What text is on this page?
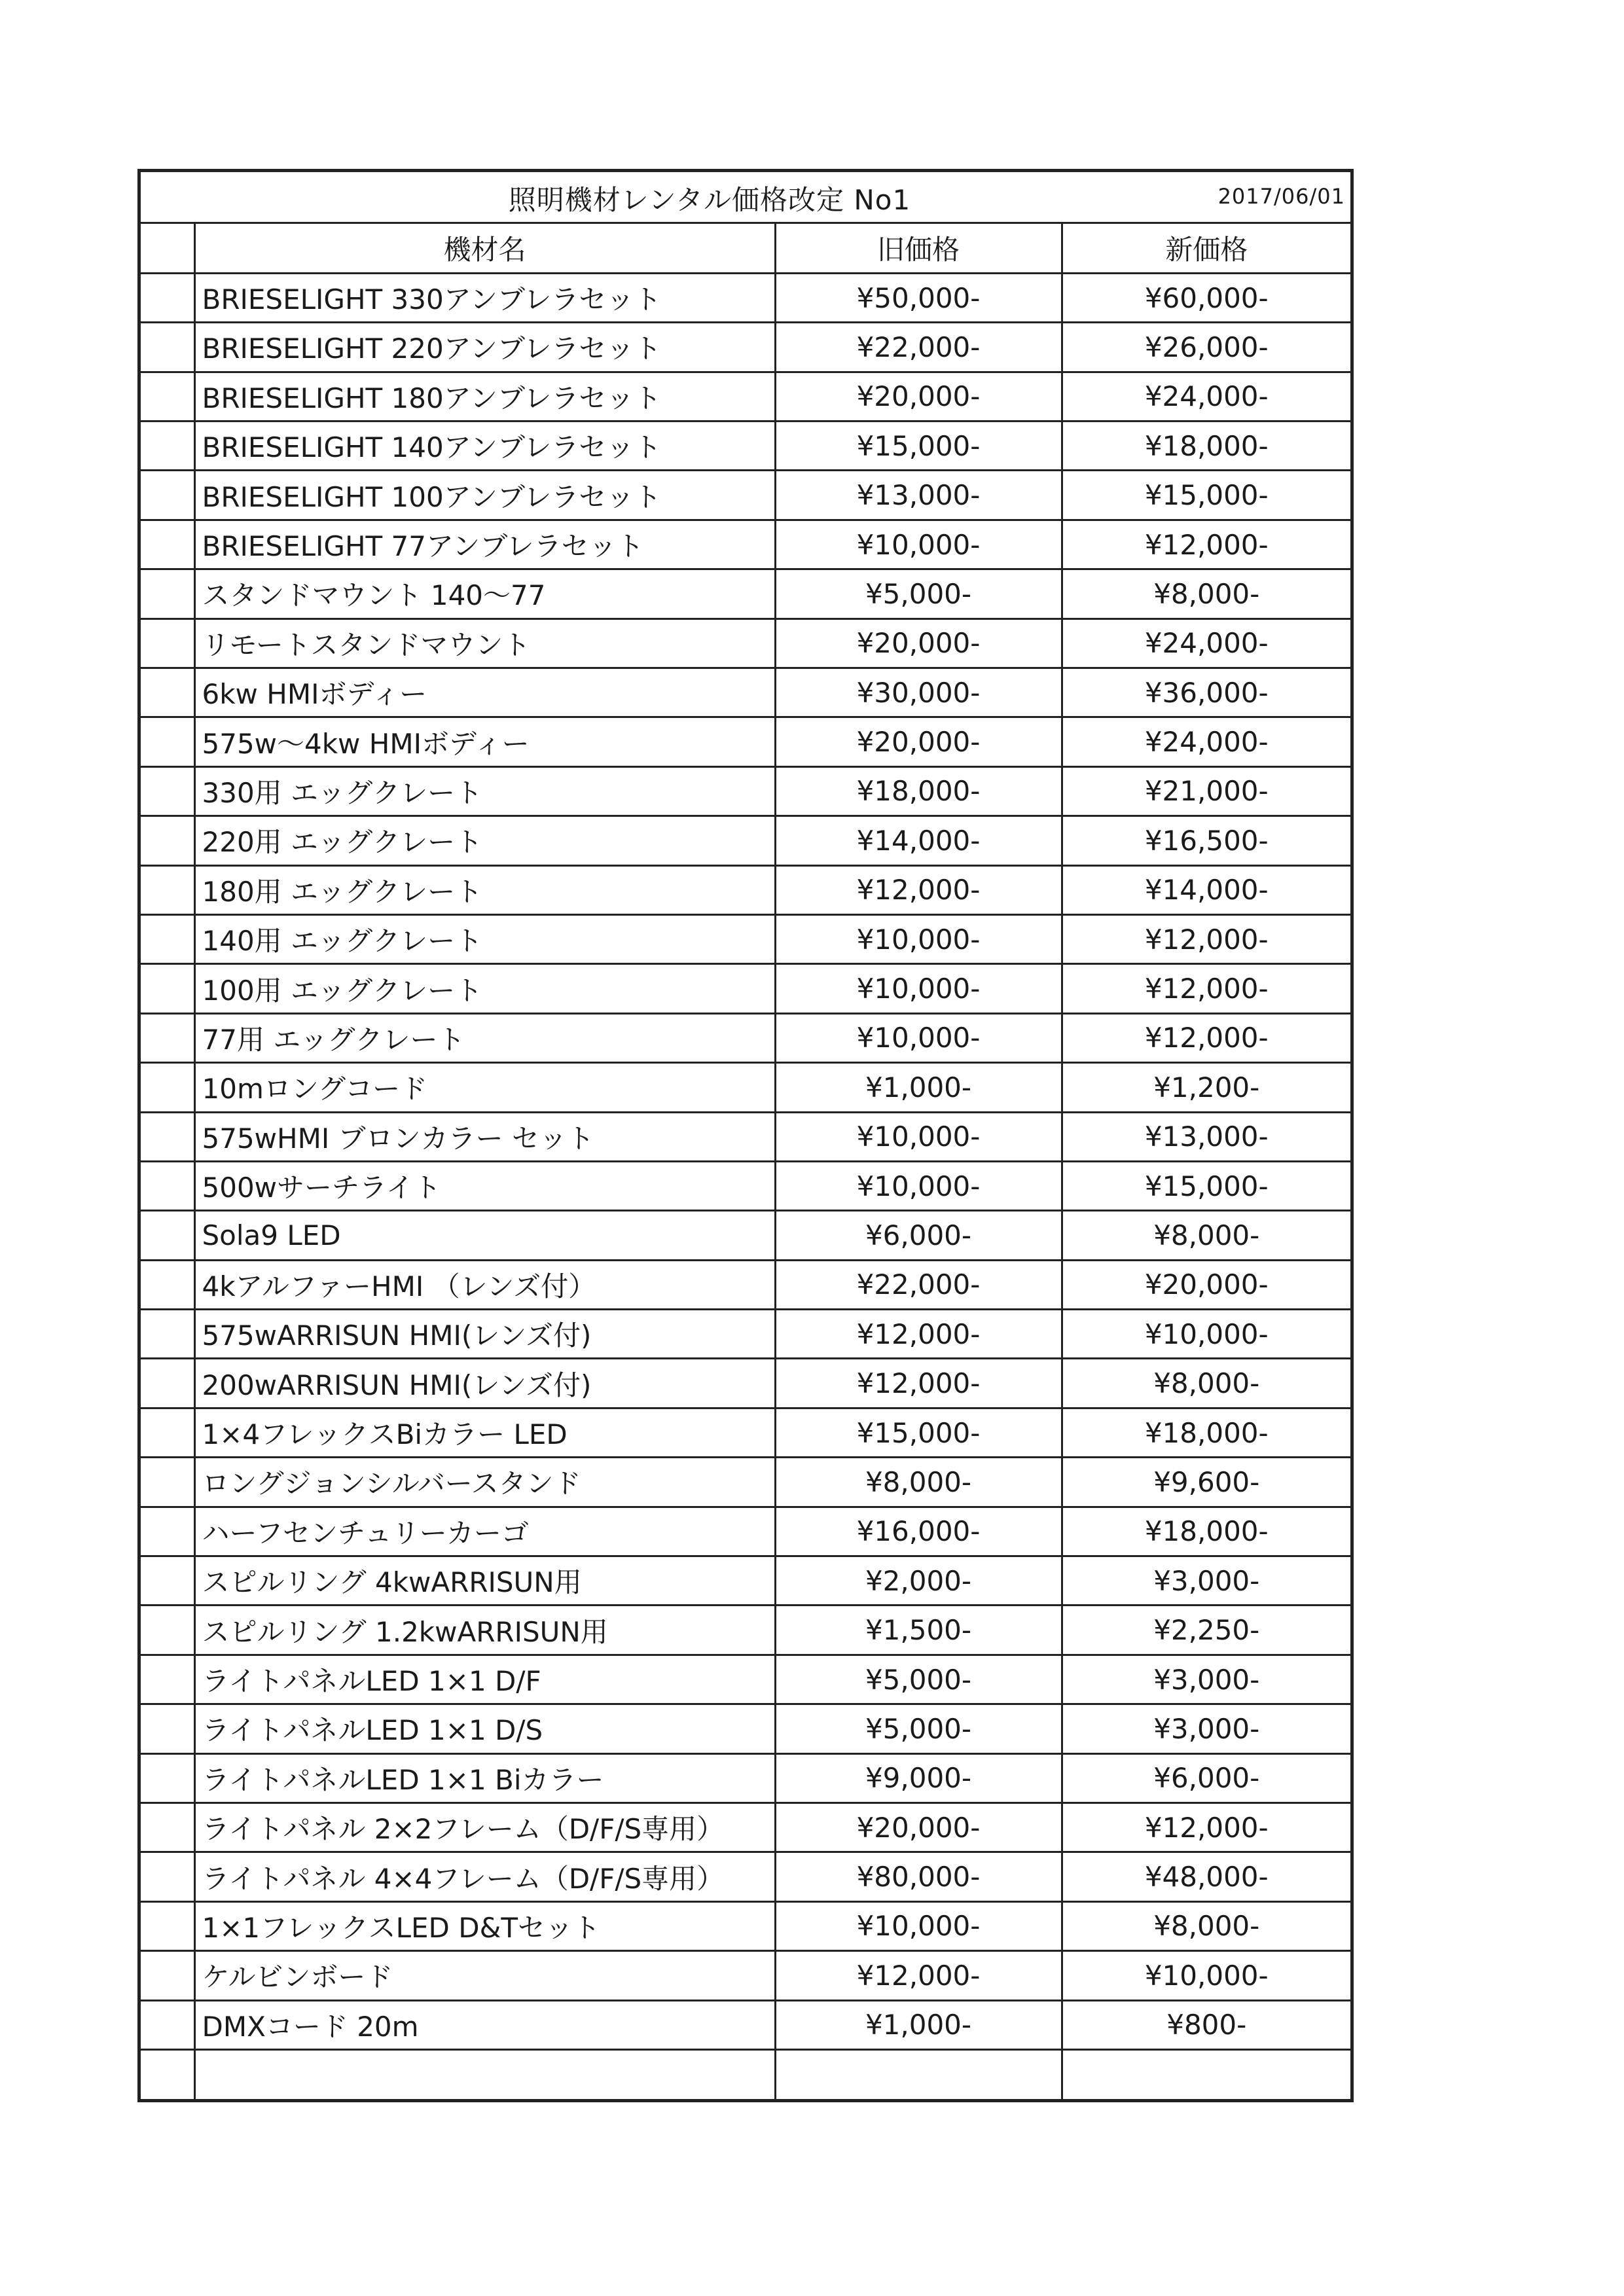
照明機材レンタル価格改定 No1	2017/06/01
	機材名	旧価格	新価格
	BRIESELIGHT 330アンブレラセット	¥50,000-	¥60,000-
	BRIESELIGHT 220アンブレラセット	¥22,000-	¥26,000-
	BRIESELIGHT 180アンブレラセット	¥20,000-	¥24,000-
	BRIESELIGHT 140アンブレラセット	¥15,000-	¥18,000-
	BRIESELIGHT 100アンブレラセット	¥13,000-	¥15,000-
	BRIESELIGHT 77アンブレラセット	¥10,000-	¥12,000-
	スタンドマウント 140～77	¥5,000-	¥8,000-
	リモートスタンドマウント	¥20,000-	¥24,000-
	6kw HMIボディー	¥30,000-	¥36,000-
	575w～4kw HMIボディー	¥20,000-	¥24,000-
	330用 エッグクレート	¥18,000-	¥21,000-
	220用 エッグクレート	¥14,000-	¥16,500-
	180用 エッグクレート	¥12,000-	¥14,000-
	140用 エッグクレート	¥10,000-	¥12,000-
	100用 エッグクレート	¥10,000-	¥12,000-
	77用 エッグクレート	¥10,000-	¥12,000-
	10mロングコード	¥1,000-	¥1,200-
	575wHMI ブロンカラー セット	¥10,000-	¥13,000-
	500wサーチライト	¥10,000-	¥15,000-
	Sola9 LED	¥6,000-	¥8,000-
	4kアルファーHMI （レンズ付）	¥22,000-	¥20,000-
	575wARRISUN HMI(レンズ付)	¥12,000-	¥10,000-
	200wARRISUN HMI(レンズ付)	¥12,000-	¥8,000-
	1×4フレックスBiカラー LED	¥15,000-	¥18,000-
	ロングジョンシルバースタンド	¥8,000-	¥9,600-
	ハーフセンチュリーカーゴ	¥16,000-	¥18,000-
	スピルリング 4kwARRISUN用	¥2,000-	¥3,000-
	スピルリング 1.2kwARRISUN用	¥1,500-	¥2,250-
	ライトパネルLED 1×1 D/F	¥5,000-	¥3,000-
	ライトパネルLED 1×1 D/S	¥5,000-	¥3,000-
	ライトパネルLED 1×1 Biカラー	¥9,000-	¥6,000-
	ライトパネル 2×2フレーム（D/F/S専用）	¥20,000-	¥12,000-
	ライトパネル 4×4フレーム（D/F/S専用）	¥80,000-	¥48,000-
	1×1フレックスLED D&Tセット	¥10,000-	¥8,000-
	ケルビンボード	¥12,000-	¥10,000-
	DMXコード 20m	¥1,000-	¥800-
